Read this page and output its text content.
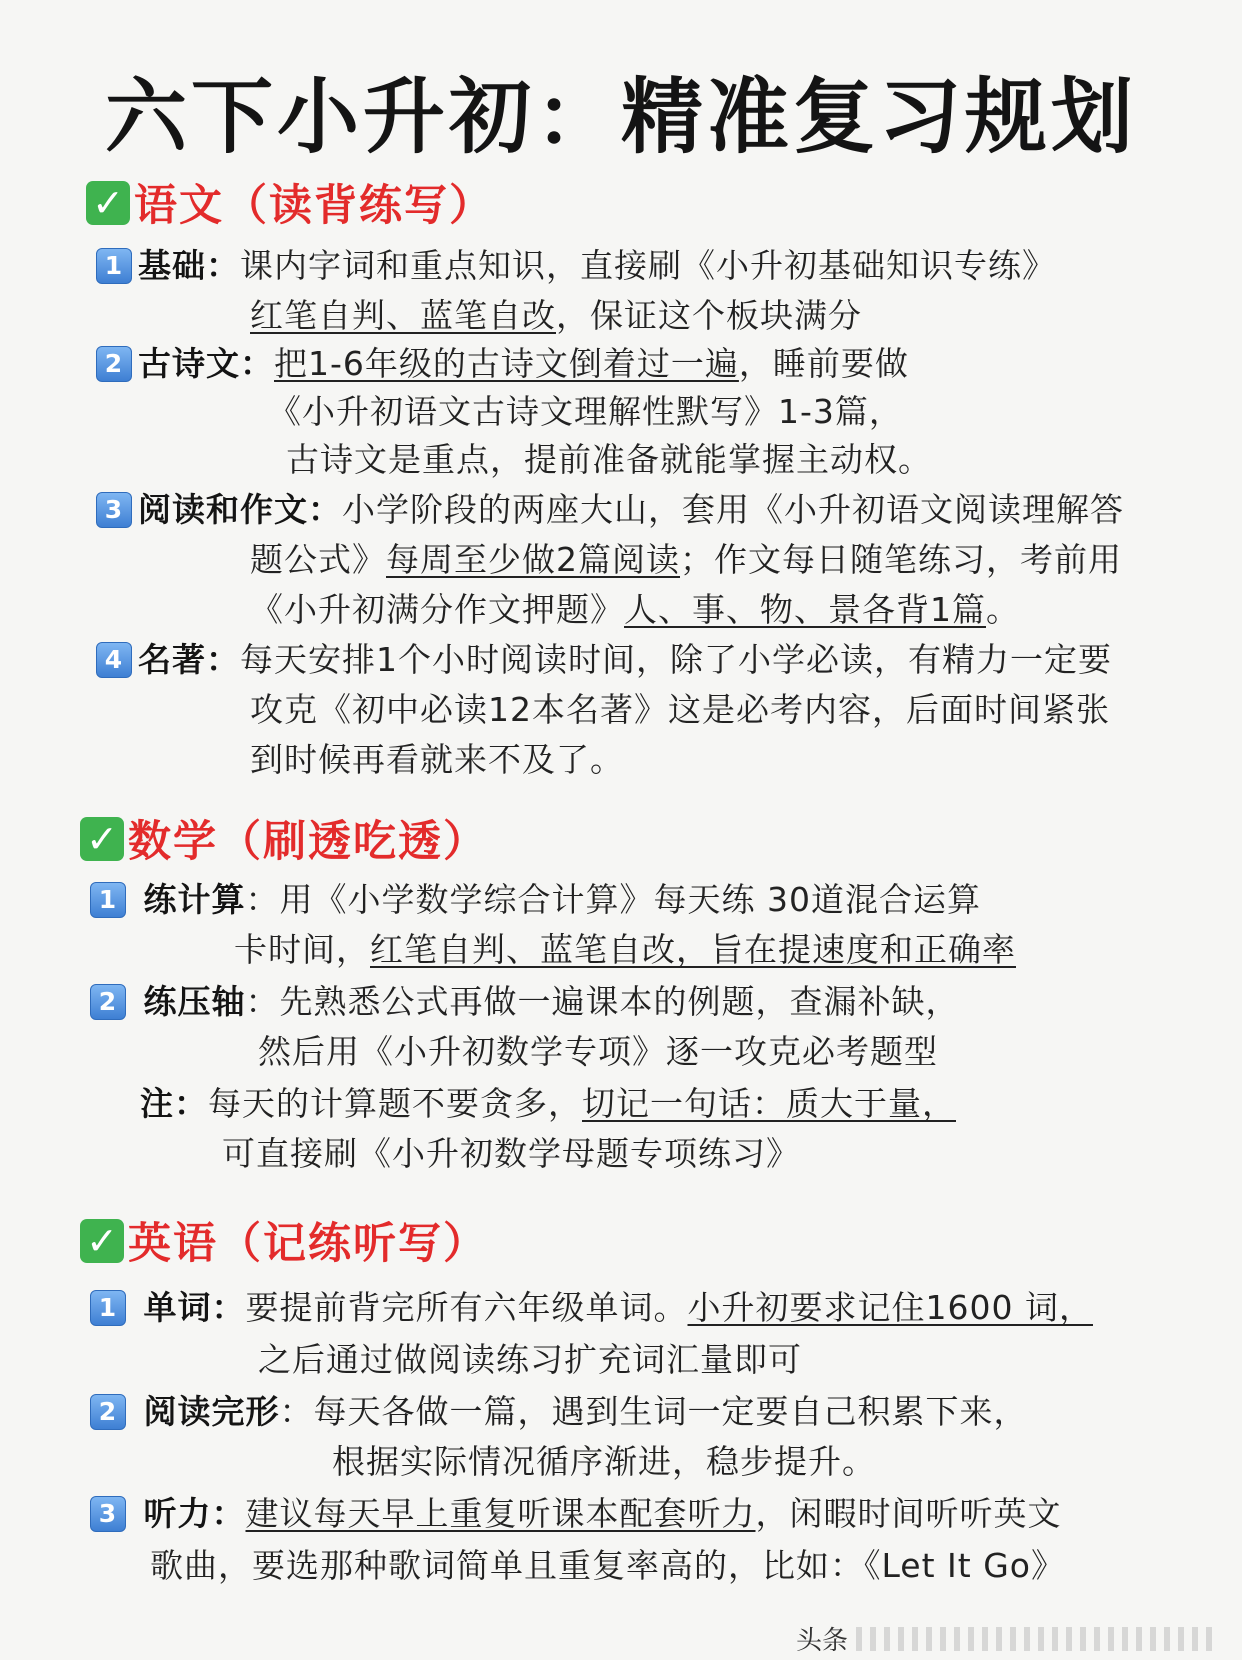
六下小升初：精准复习规划
✓ 语文（读背练写）
1 基础：课内字词和重点知识，直接刷《小升初基础知识专练》
红笔自判、蓝笔自改，保证这个板块满分
2 古诗文：把1-6年级的古诗文倒着过一遍，睡前要做
《小升初语文古诗文理解性默写》1-3篇，
古诗文是重点，提前准备就能掌握主动权。
3 阅读和作文：小学阶段的两座大山，套用《小升初语文阅读理解答
题公式》每周至少做2篇阅读；作文每日随笔练习，考前用
《小升初满分作文押题》人、事、物、景各背1篇。
4 名著：每天安排1个小时阅读时间，除了小学必读，有精力一定要
攻克《初中必读12本名著》这是必考内容，后面时间紧张
到时候再看就来不及了。
✓ 数学（刷透吃透）
1 练计算：用《小学数学综合计算》每天练 30道混合运算
卡时间，红笔自判、蓝笔自改，旨在提速度和正确率
2 练压轴：先熟悉公式再做一遍课本的例题，查漏补缺，
然后用《小升初数学专项》逐一攻克必考题型
注：每天的计算题不要贪多，切记一句话：质大于量，
可直接刷《小升初数学母题专项练习》
✓ 英语（记练听写）
1 单词：要提前背完所有六年级单词。小升初要求记住1600 词，
之后通过做阅读练习扩充词汇量即可
2 阅读完形：每天各做一篇，遇到生词一定要自己积累下来，
根据实际情况循序渐进，稳步提升。
3 听力：建议每天早上重复听课本配套听力，闲暇时间听听英文
歌曲，要选那种歌词简单且重复率高的，比如：《Let It Go》
头条
